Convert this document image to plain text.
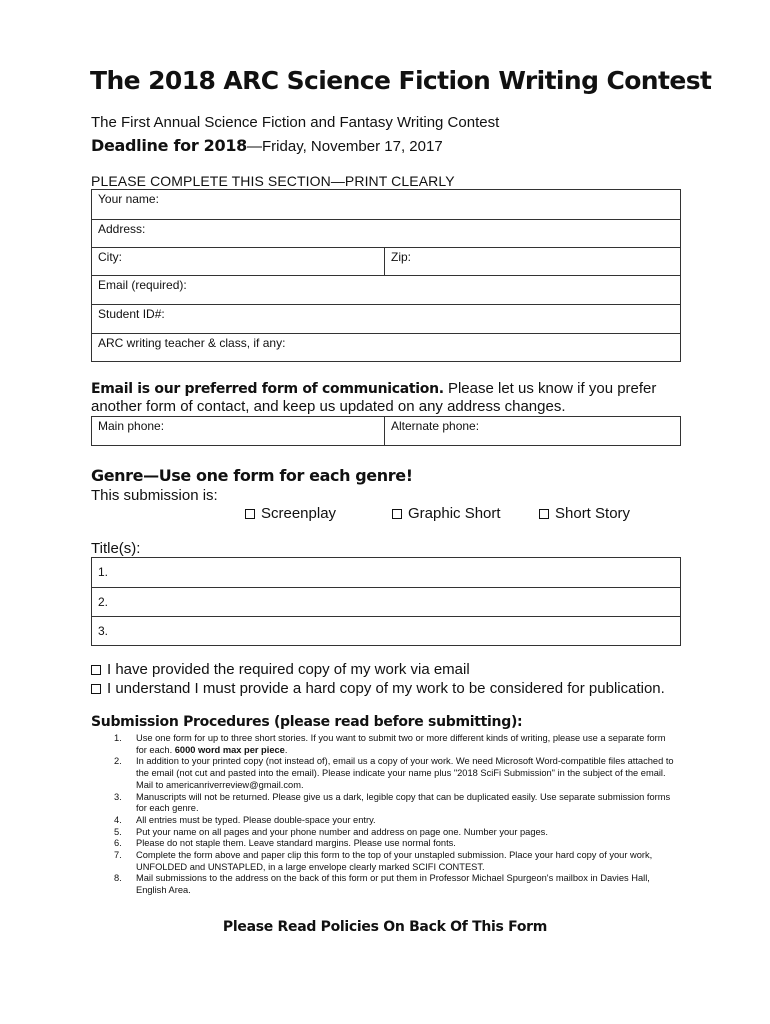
The 2018 ARC Science Fiction Writing Contest
The First Annual Science Fiction and Fantasy Writing Contest
Deadline for 2018—Friday, November 17, 2017
PLEASE COMPLETE THIS SECTION—PRINT CLEARLY
Your name:
Address:
City:	Zip:
Email (required):
Student ID#:
ARC writing teacher & class, if any:
Email is our preferred form of communication. Please let us know if you prefer another form of contact, and keep us updated on any address changes.
Main phone:	Alternate phone:
Genre—Use one form for each genre!
This submission is:
Screenplay	Graphic Short	Short Story
Title(s):
1.
2.
3.
I have provided the required copy of my work via email
I understand I must provide a hard copy of my work to be considered for publication.
Submission Procedures (please read before submitting):
1. Use one form for up to three short stories. If you want to submit two or more different kinds of writing, please use a separate form for each. 6000 word max per piece.
2. In addition to your printed copy (not instead of), email us a copy of your work. We need Microsoft Word-compatible files attached to the email (not cut and pasted into the email). Please indicate your name plus "2018 SciFi Submission" in the subject of the email. Mail to americanriverreview@gmail.com.
3. Manuscripts will not be returned. Please give us a dark, legible copy that can be duplicated easily. Use separate submission forms for each genre.
4. All entries must be typed. Please double-space your entry.
5. Put your name on all pages and your phone number and address on page one. Number your pages.
6. Please do not staple them. Leave standard margins. Please use normal fonts.
7. Complete the form above and paper clip this form to the top of your unstapled submission. Place your hard copy of your work, UNFOLDED and UNSTAPLED, in a large envelope clearly marked SCIFI CONTEST.
8. Mail submissions to the address on the back of this form or put them in Professor Michael Spurgeon's mailbox in Davies Hall, English Area.
Please Read Policies On Back Of This Form
